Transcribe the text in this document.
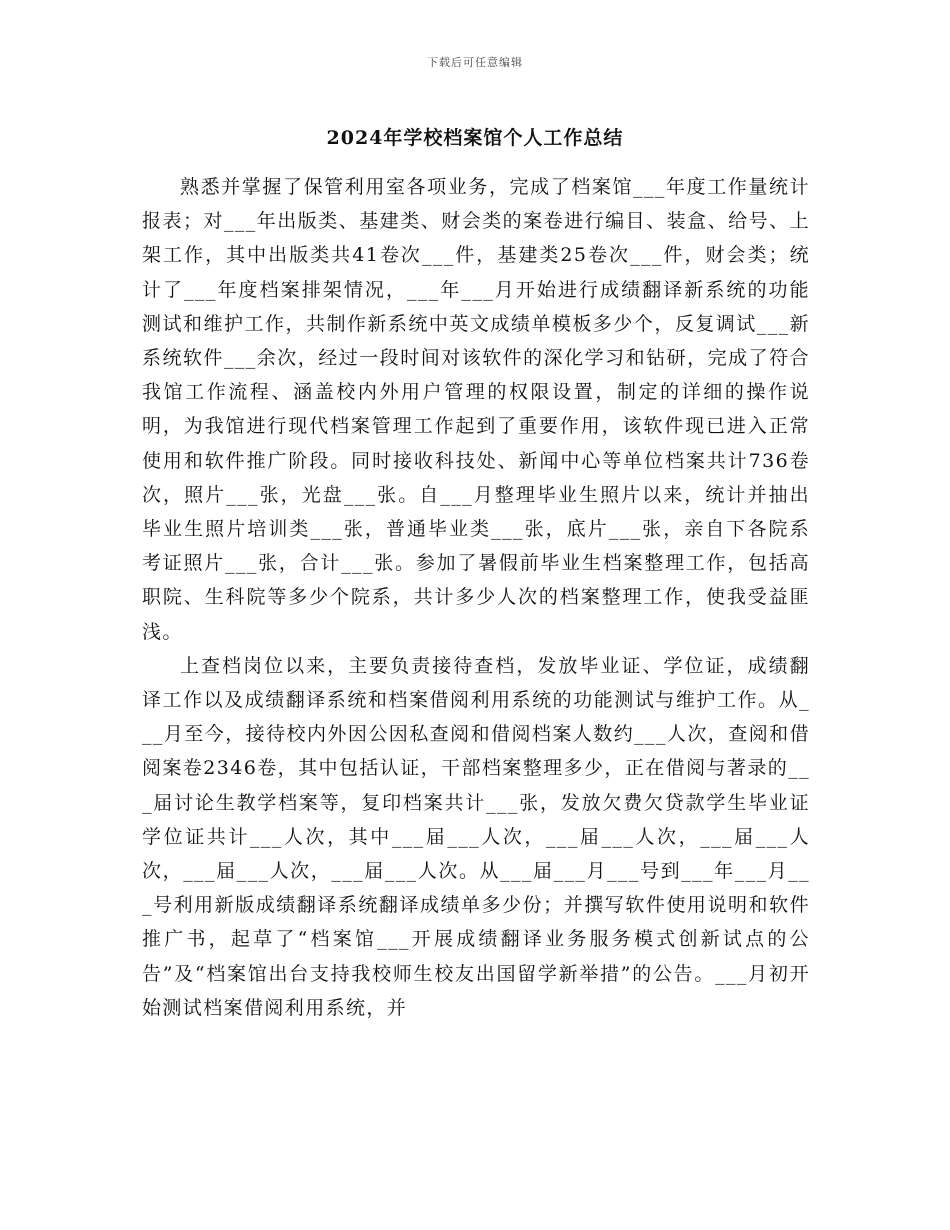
下载后可任意编辑
2024年学校档案馆个人工作总结

熟悉并掌握了保管利用室各项业务，完成了档案馆___年度工作量统计报表；对___年出版类、基建类、财会类的案卷进行编目、装盒、给号、上架工作，其中出版类共41卷次___件，基建类25卷次___件，财会类；统计了___年度档案排架情况，___年___月开始进行成绩翻译新系统的功能测试和维护工作，共制作新系统中英文成绩单模板多少个，反复调试___新系统软件___余次，经过一段时间对该软件的深化学习和钻研，完成了符合我馆工作流程、涵盖校内外用户管理的权限设置，制定的详细的操作说明，为我馆进行现代档案管理工作起到了重要作用，该软件现已进入正常使用和软件推广阶段。同时接收科技处、新闻中心等单位档案共计736卷次，照片___张，光盘___张。自___月整理毕业生照片以来，统计并抽出毕业生照片培训类___张，普通毕业类___张，底片___张，亲自下各院系考证照片___张，合计___张。参加了暑假前毕业生档案整理工作，包括高职院、生科院等多少个院系，共计多少人次的档案整理工作，使我受益匪浅。

上查档岗位以来，主要负责接待查档，发放毕业证、学位证，成绩翻译工作以及成绩翻译系统和档案借阅利用系统的功能测试与维护工作。从___月至今，接待校内外因公因私查阅和借阅档案人数约___人次，查阅和借阅案卷2346卷，其中包括认证，干部档案整理多少，正在借阅与著录的___届讨论生教学档案等，复印档案共计___张，发放欠费欠贷款学生毕业证学位证共计___人次，其中___届___人次，___届___人次，___届___人次，___届___人次，___届___人次。从___届___月___号到___年___月___号利用新版成绩翻译系统翻译成绩单多少份；并撰写软件使用说明和软件推广书，起草了“档案馆___开展成绩翻译业务服务模式创新试点的公告”及“档案馆出台支持我校师生校友出国留学新举措”的公告。___月初开始测试档案借阅利用系统，并
